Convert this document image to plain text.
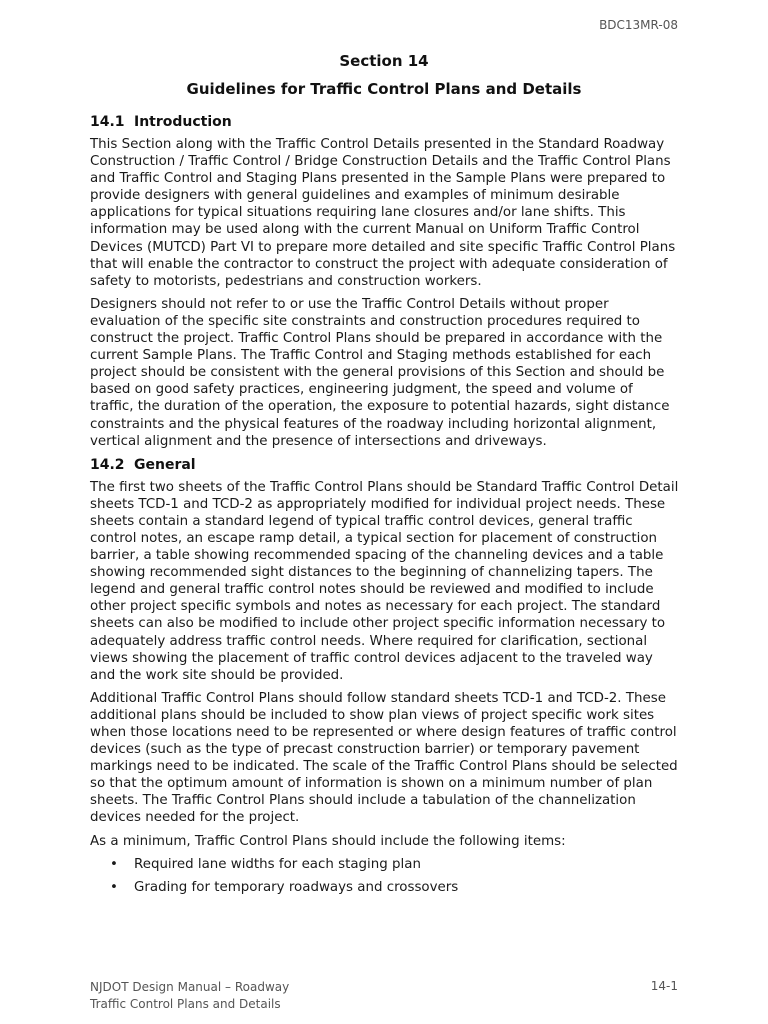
BDC13MR-08
Section 14
Guidelines for Traffic Control Plans and Details
14.1 Introduction

This Section along with the Traffic Control Details presented in the Standard Roadway Construction / Traffic Control / Bridge Construction Details and the Traffic Control Plans and Traffic Control and Staging Plans presented in the Sample Plans were prepared to provide designers with general guidelines and examples of minimum desirable applications for typical situations requiring lane closures and/or lane shifts. This information may be used along with the current Manual on Uniform Traffic Control Devices (MUTCD) Part VI to prepare more detailed and site specific Traffic Control Plans that will enable the contractor to construct the project with adequate consideration of safety to motorists, pedestrians and construction workers.

Designers should not refer to or use the Traffic Control Details without proper evaluation of the specific site constraints and construction procedures required to construct the project. Traffic Control Plans should be prepared in accordance with the current Sample Plans. The Traffic Control and Staging methods established for each project should be consistent with the general provisions of this Section and should be based on good safety practices, engineering judgment, the speed and volume of traffic, the duration of the operation, the exposure to potential hazards, sight distance constraints and the physical features of the roadway including horizontal alignment, vertical alignment and the presence of intersections and driveways.

14.2 General

The first two sheets of the Traffic Control Plans should be Standard Traffic Control Detail sheets TCD-1 and TCD-2 as appropriately modified for individual project needs. These sheets contain a standard legend of typical traffic control devices, general traffic control notes, an escape ramp detail, a typical section for placement of construction barrier, a table showing recommended spacing of the channeling devices and a table showing recommended sight distances to the beginning of channelizing tapers. The legend and general traffic control notes should be reviewed and modified to include other project specific symbols and notes as necessary for each project. The standard sheets can also be modified to include other project specific information necessary to adequately address traffic control needs. Where required for clarification, sectional views showing the placement of traffic control devices adjacent to the traveled way and the work site should be provided.

Additional Traffic Control Plans should follow standard sheets TCD-1 and TCD-2. These additional plans should be included to show plan views of project specific work sites when those locations need to be represented or where design features of traffic control devices (such as the type of precast construction barrier) or temporary pavement markings need to be indicated. The scale of the Traffic Control Plans should be selected so that the optimum amount of information is shown on a minimum number of plan sheets. The Traffic Control Plans should include a tabulation of the channelization devices needed for the project.

As a minimum, Traffic Control Plans should include the following items:

• Required lane widths for each staging plan
• Grading for temporary roadways and crossovers
NJDOT Design Manual – Roadway
Traffic Control Plans and Details
14-1
